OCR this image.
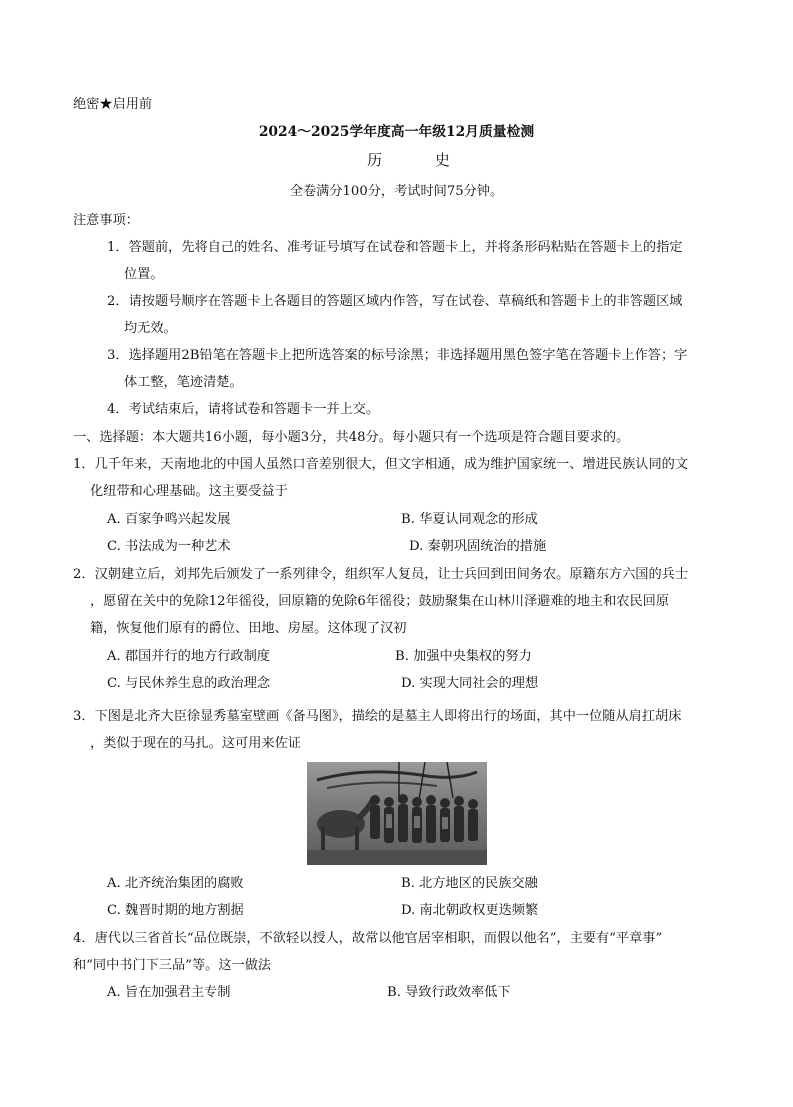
绝密★启用前
2024～2025学年度高一年级12月质量检测
历 史
全卷满分100分，考试时间75分钟。
注意事项：
1．答题前，先将自己的姓名、准考证号填写在试卷和答题卡上，并将条形码粘贴在答题卡上的指定
位置。
2．请按题号顺序在答题卡上各题目的答题区域内作答，写在试卷、草稿纸和答题卡上的非答题区域
均无效。
3．选择题用2B铅笔在答题卡上把所选答案的标号涂黑；非选择题用黑色签字笔在答题卡上作答；字
体工整，笔迹清楚。
4．考试结束后，请将试卷和答题卡一并上交。
一、选择题：本大题共16小题，每小题3分，共48分。每小题只有一个选项是符合题目要求的。
1．几千年来，天南地北的中国人虽然口音差别很大，但文字相通，成为维护国家统一、增进民族认同的文
化纽带和心理基础。这主要受益于
A. 百家争鸣兴起发展	B. 华夏认同观念的形成
C. 书法成为一种艺术	D. 秦朝巩固统治的措施
2．汉朝建立后，刘邦先后颁发了一系列律令，组织军人复员，让士兵回到田间务农。原籍东方六国的兵士
，愿留在关中的免除12年徭役，回原籍的免除6年徭役；鼓励聚集在山林川泽避难的地主和农民回原
籍，恢复他们原有的爵位、田地、房屋。这体现了汉初
A. 郡国并行的地方行政制度	B. 加强中央集权的努力
C. 与民休养生息的政治理念	D. 实现大同社会的理想
3．下图是北齐大臣徐显秀墓室壁画《备马图》，描绘的是墓主人即将出行的场面，其中一位随从肩扛胡床
，类似于现在的马扎。这可用来佐证
A. 北齐统治集团的腐败	B. 北方地区的民族交融
C. 魏晋时期的地方割据	D. 南北朝政权更迭频繁
4．唐代以三省首长“品位既崇，不欲轻以授人，故常以他官居宰相职，而假以他名”，主要有“平章事”
和“同中书门下三品”等。这一做法
A. 旨在加强君主专制	B. 导致行政效率低下
